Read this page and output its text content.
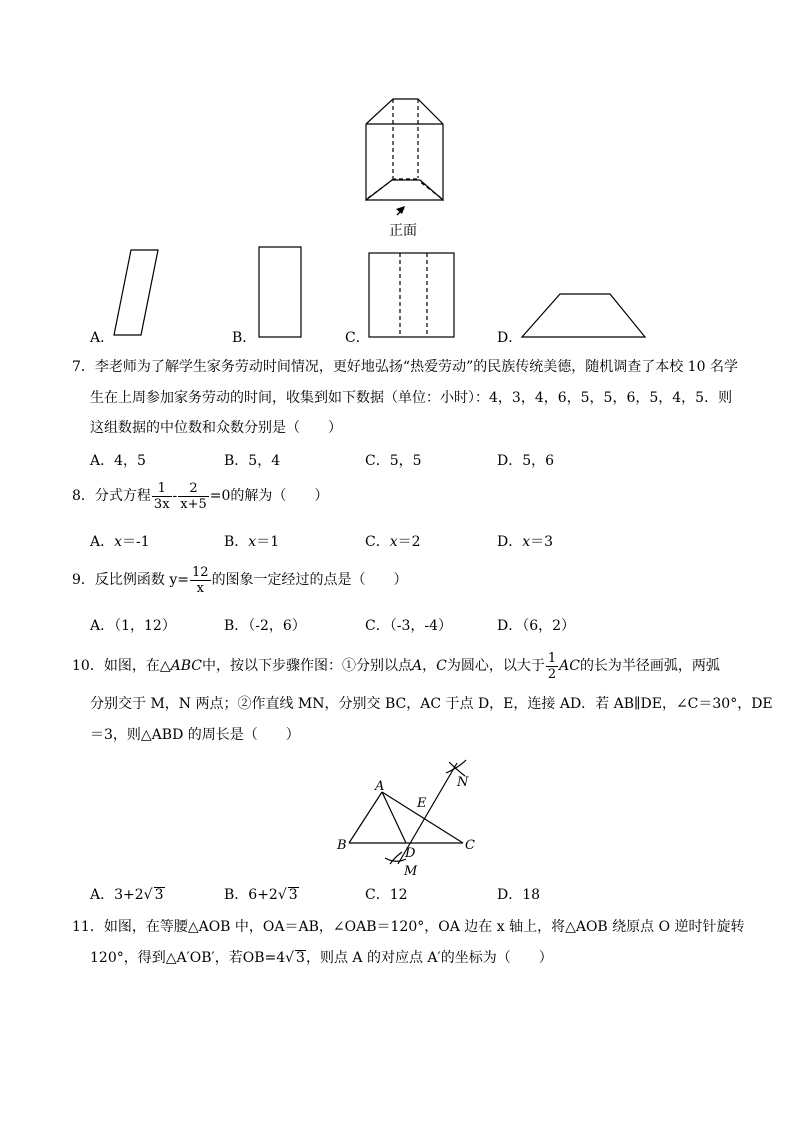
正面
A．	B．	C．	D．
7．李老师为了解学生家务劳动时间情况，更好地弘扬“热爱劳动”的民族传统美德，随机调查了本校 10 名学
生在上周参加家务劳动的时间，收集到如下数据（单位：小时）：4，3，4，6，5，5，6，5，4，5．则
这组数据的中位数和众数分别是（　　）
A．4，5	B．5，4	C．5，5	D．5，6
8．分式方程 $\frac{1}{3x} - \frac{2}{x+5} =0$的解为（　　）
A．x＝-1	B．x＝1	C．x＝2	D．x＝3
9．反比例函数 $y= \frac{12}{x}$ 的图象一定经过的点是（　　）
A．（1，12）	B．（-2，6）	C．（-3，-4）	D．（6，2）
10．如图，在△ABC中，按以下步骤作图：①分别以点A，C为圆心，以大于 $\frac{1}{2}$ AC的长为半径画弧，两弧
分别交于 M，N 两点；②作直线 MN，分别交 BC，AC 于点 D，E，连接 AD．若 AB∥DE，∠C＝30°，DE
＝3，则△ABD 的周长是（　　）
A
B	C
D
E
M
N
A．3+2√ 3	B．6+2√ 3	C．12	D．18
11．如图，在等腰△AOB 中，OA＝AB，∠OAB＝120°，OA 边在 x 轴上，将△AOB 绕原点 O 逆时针旋转
120°，得到△A′OB′，若OB=4√ 3，则点 A 的对应点 A′的坐标为（　　）
